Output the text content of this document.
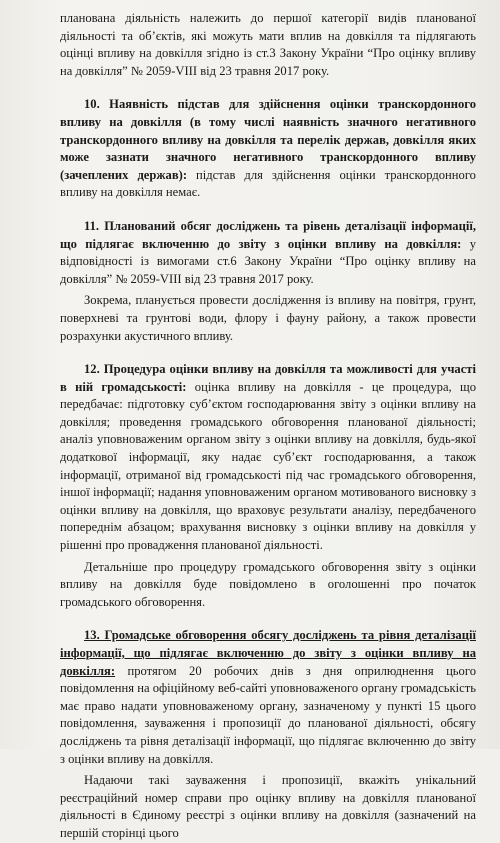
планована діяльність належить до першої категорії видів планованої діяльності та об’єктів, які можуть мати вплив на довкілля та підлягають оцінці впливу на довкілля згідно із ст.3 Закону України “Про оцінку впливу на довкілля” № 2059-VIII від 23 травня 2017 року.

10. Наявність підстав для здійснення оцінки транскордонного впливу на довкілля (в тому числі наявність значного негативного транскордонного впливу на довкілля та перелік держав, довкілля яких може зазнати значного негативного транскордонного впливу (зачеплених держав): підстав для здійснення оцінки транскордонного впливу на довкілля немає.

11. Планований обсяг досліджень та рівень деталізації інформації, що підлягає включенню до звіту з оцінки впливу на довкілля: у відповідності із вимогами ст.6 Закону України “Про оцінку впливу на довкілля” № 2059-VIII від 23 травня 2017 року.

Зокрема, планується провести дослідження із впливу на повітря, грунт, поверхневі та грунтові води, флору і фауну району, а також провести розрахунки акустичного впливу.

12. Процедура оцінки впливу на довкілля та можливості для участі в ній громадськості: оцінка впливу на довкілля - це процедура, що передбачає: підготовку суб’єктом господарювання звіту з оцінки впливу на довкілля; проведення громадського обговорення планованої діяльності; аналіз уповноваженим органом звіту з оцінки впливу на довкілля, будь-якої додаткової інформації, яку надає суб’єкт господарювання, а також інформації, отриманої від громадськості під час громадського обговорення, іншої інформації; надання уповноваженим органом мотивованого висновку з оцінки впливу на довкілля, що враховує результати аналізу, передбаченого попереднім абзацом; врахування висновку з оцінки впливу на довкілля у рішенні про провадження планованої діяльності.

Детальніше про процедуру громадського обговорення звіту з оцінки впливу на довкілля буде повідомлено в оголошенні про початок громадського обговорення.

13. Громадське обговорення обсягу досліджень та рівня деталізації інформації, що підлягає включенню до звіту з оцінки впливу на довкілля: протягом 20 робочих днів з дня оприлюднення цього повідомлення на офіційному веб-сайті уповноваженого органу громадськість має право надати уповноваженому органу, зазначеному у пункті 15 цього повідомлення, зауваження і пропозиції до планованої діяльності, обсягу досліджень та рівня деталізації інформації, що підлягає включенню до звіту з оцінки впливу на довкілля.

Надаючи такі зауваження і пропозиції, вкажіть унікальний реєстраційний номер справи про оцінку впливу на довкілля планованої діяльності в Єдиному реєстрі з оцінки впливу на довкілля (зазначений на першій сторінці цього
